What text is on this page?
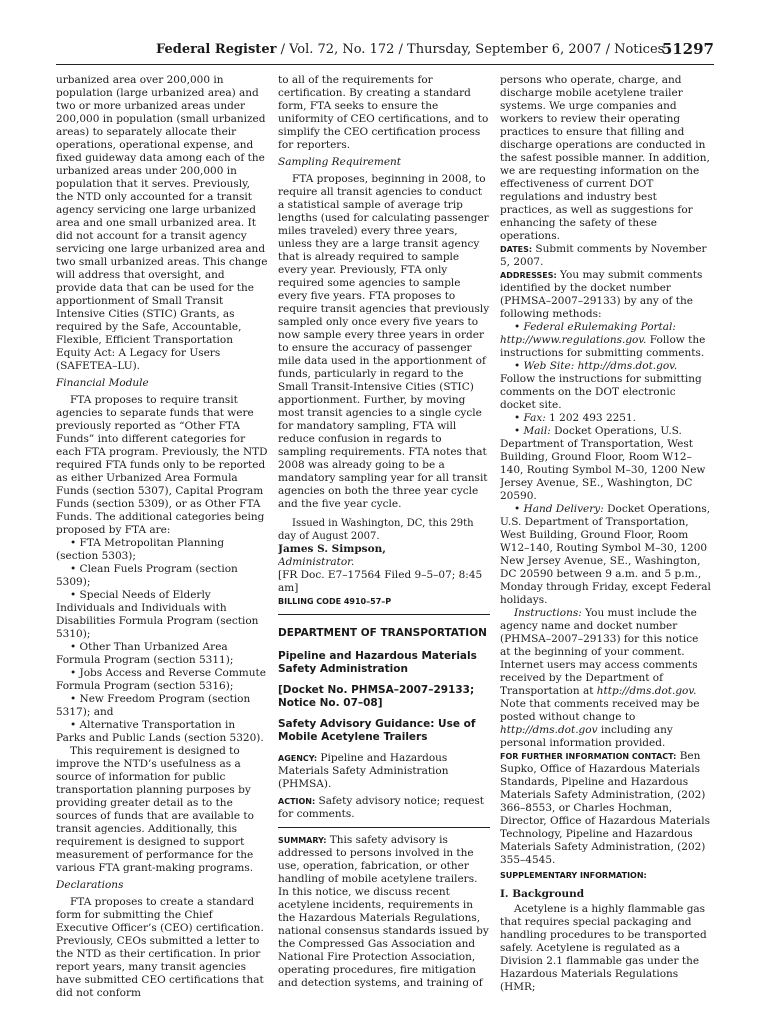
Federal Register / Vol. 72, No. 172 / Thursday, September 6, 2007 / Notices
51297

urbanized area over 200,000 in population (large urbanized area) and two or more urbanized areas under 200,000 in population (small urbanized areas) to separately allocate their operations, operational expense, and fixed guideway data among each of the urbanized areas under 200,000 in population that it serves. Previously, the NTD only accounted for a transit agency servicing one large urbanized area and one small urbanized area. It did not account for a transit agency servicing one large urbanized area and two small urbanized areas. This change will address that oversight, and provide data that can be used for the apportionment of Small Transit Intensive Cities (STIC) Grants, as required by the Safe, Accountable, Flexible, Efficient Transportation Equity Act: A Legacy for Users (SAFETEA–LU).

Financial Module

FTA proposes to require transit agencies to separate funds that were previously reported as “Other FTA Funds” into different categories for each FTA program. Previously, the NTD required FTA funds only to be reported as either Urbanized Area Formula Funds (section 5307), Capital Program Funds (section 5309), or as Other FTA Funds. The additional categories being proposed by FTA are:

• FTA Metropolitan Planning (section 5303);

• Clean Fuels Program (section 5309);

• Special Needs of Elderly Individuals and Individuals with Disabilities Formula Program (section 5310);

• Other Than Urbanized Area Formula Program (section 5311);

• Jobs Access and Reverse Commute Formula Program (section 5316);

• New Freedom Program (section 5317); and

• Alternative Transportation in Parks and Public Lands (section 5320).

This requirement is designed to improve the NTD’s usefulness as a source of information for public transportation planning purposes by providing greater detail as to the sources of funds that are available to transit agencies. Additionally, this requirement is designed to support measurement of performance for the various FTA grant-making programs.

Declarations

FTA proposes to create a standard form for submitting the Chief Executive Officer’s (CEO) certification. Previously, CEOs submitted a letter to the NTD as their certification. In prior report years, many transit agencies have submitted CEO certifications that did not conform

to all of the requirements for certification. By creating a standard form, FTA seeks to ensure the uniformity of CEO certifications, and to simplify the CEO certification process for reporters.

Sampling Requirement

FTA proposes, beginning in 2008, to require all transit agencies to conduct a statistical sample of average trip lengths (used for calculating passenger miles traveled) every three years, unless they are a large transit agency that is already required to sample every year. Previously, FTA only required some agencies to sample every five years. FTA proposes to require transit agencies that previously sampled only once every five years to now sample every three years in order to ensure the accuracy of passenger mile data used in the apportionment of funds, particularly in regard to the Small Transit-Intensive Cities (STIC) apportionment. Further, by moving most transit agencies to a single cycle for mandatory sampling, FTA will reduce confusion in regards to sampling requirements. FTA notes that 2008 was already going to be a mandatory sampling year for all transit agencies on both the three year cycle and the five year cycle.

Issued in Washington, DC, this 29th day of August 2007.

James S. Simpson,

Administrator.

[FR Doc. E7–17564 Filed 9–5–07; 8:45 am]

BILLING CODE 4910–57–P

DEPARTMENT OF TRANSPORTATION

Pipeline and Hazardous Materials Safety Administration

[Docket No. PHMSA–2007–29133; Notice No. 07–08]

Safety Advisory Guidance: Use of Mobile Acetylene Trailers

AGENCY: Pipeline and Hazardous Materials Safety Administration (PHMSA).

ACTION: Safety advisory notice; request for comments.

SUMMARY: This safety advisory is addressed to persons involved in the use, operation, fabrication, or other handling of mobile acetylene trailers. In this notice, we discuss recent acetylene incidents, requirements in the Hazardous Materials Regulations, national consensus standards issued by the Compressed Gas Association and National Fire Protection Association, operating procedures, fire mitigation and detection systems, and training of

persons who operate, charge, and discharge mobile acetylene trailer systems. We urge companies and workers to review their operating practices to ensure that filling and discharge operations are conducted in the safest possible manner. In addition, we are requesting information on the effectiveness of current DOT regulations and industry best practices, as well as suggestions for enhancing the safety of these operations.

DATES: Submit comments by November 5, 2007.

ADDRESSES: You may submit comments identified by the docket number (PHMSA–2007–29133) by any of the following methods:

• Federal eRulemaking Portal: http://www.regulations.gov. Follow the instructions for submitting comments.

• Web Site: http://dms.dot.gov. Follow the instructions for submitting comments on the DOT electronic docket site.

• Fax: 1 202 493 2251.

• Mail: Docket Operations, U.S. Department of Transportation, West Building, Ground Floor, Room W12–140, Routing Symbol M–30, 1200 New Jersey Avenue, SE., Washington, DC 20590.

• Hand Delivery: Docket Operations, U.S. Department of Transportation, West Building, Ground Floor, Room W12–140, Routing Symbol M–30, 1200 New Jersey Avenue, SE., Washington, DC 20590 between 9 a.m. and 5 p.m., Monday through Friday, except Federal holidays.

Instructions: You must include the agency name and docket number (PHMSA–2007–29133) for this notice at the beginning of your comment. Internet users may access comments received by the Department of Transportation at http://dms.dot.gov. Note that comments received may be posted without change to http://dms.dot.gov including any personal information provided.

FOR FURTHER INFORMATION CONTACT: Ben Supko, Office of Hazardous Materials Standards, Pipeline and Hazardous Materials Safety Administration, (202) 366–8553, or Charles Hochman, Director, Office of Hazardous Materials Technology, Pipeline and Hazardous Materials Safety Administration, (202) 355–4545.

SUPPLEMENTARY INFORMATION:

I. Background

Acetylene is a highly flammable gas that requires special packaging and handling procedures to be transported safely. Acetylene is regulated as a Division 2.1 flammable gas under the Hazardous Materials Regulations (HMR;
